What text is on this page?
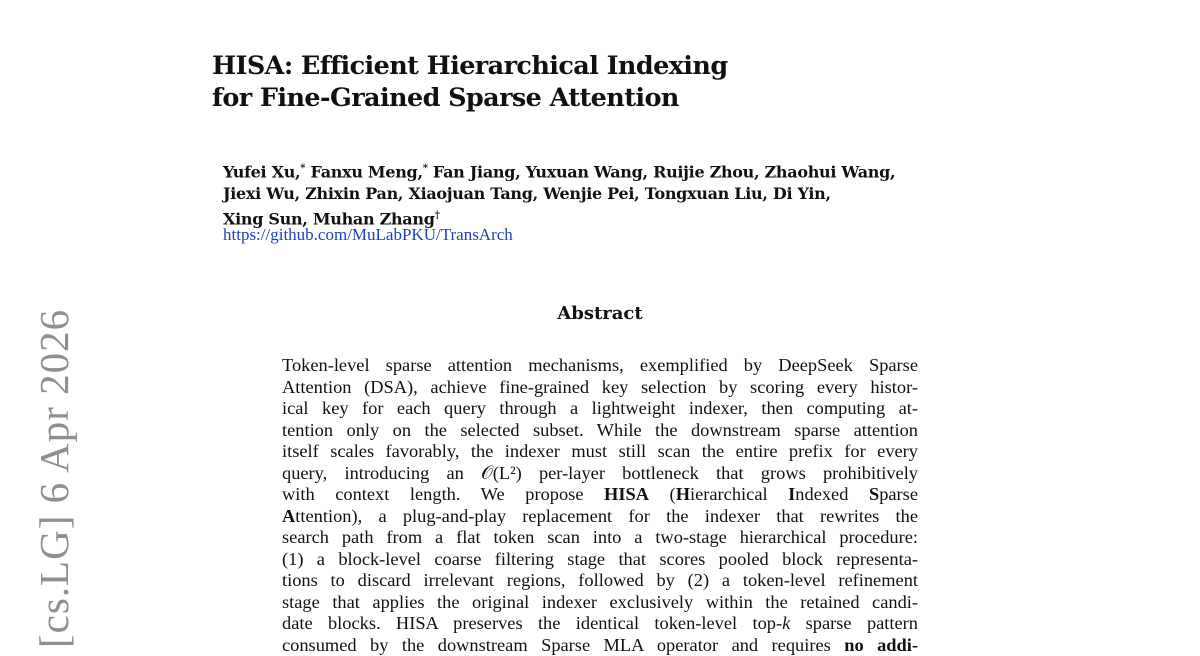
[cs.LG] 6 Apr 2026
HISA: Efficient Hierarchical Indexing
for Fine-Grained Sparse Attention
Yufei Xu,* Fanxu Meng,* Fan Jiang, Yuxuan Wang, Ruijie Zhou, Zhaohui Wang,
Jiexi Wu, Zhixin Pan, Xiaojuan Tang, Wenjie Pei, Tongxuan Liu, Di Yin,
Xing Sun, Muhan Zhang†
https://github.com/MuLabPKU/TransArch
Abstract
Token-level sparse attention mechanisms, exemplified by DeepSeek Sparse
Attention (DSA), achieve fine-grained key selection by scoring every histor-
ical key for each query through a lightweight indexer, then computing at-
tention only on the selected subset. While the downstream sparse attention
itself scales favorably, the indexer must still scan the entire prefix for every
query, introducing an 𝒪(L²) per-layer bottleneck that grows prohibitively
with context length. We propose HISA (Hierarchical Indexed Sparse
Attention), a plug-and-play replacement for the indexer that rewrites the
search path from a flat token scan into a two-stage hierarchical procedure:
(1) a block-level coarse filtering stage that scores pooled block representa-
tions to discard irrelevant regions, followed by (2) a token-level refinement
stage that applies the original indexer exclusively within the retained candi-
date blocks. HISA preserves the identical token-level top-k sparse pattern
consumed by the downstream Sparse MLA operator and requires no addi-
